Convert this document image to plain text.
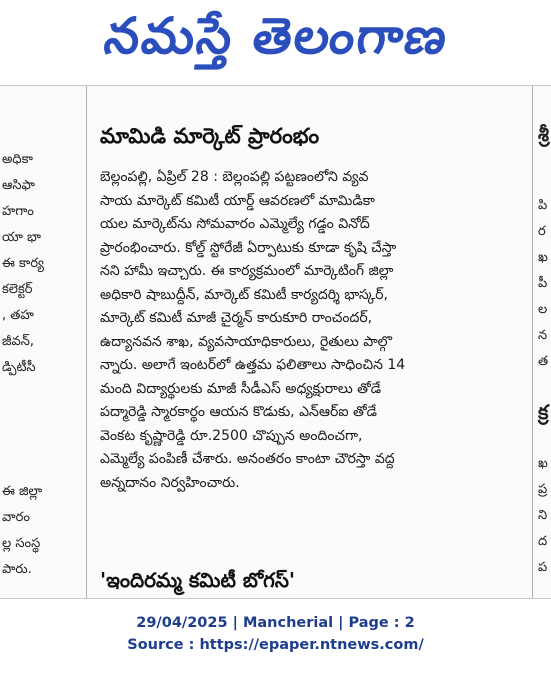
నమస్తే తెలంగాణ
అధికా
ఆసిఫా
హగాం
యా భా
ఈ కార్య
కలెక్టర్
, తహ
జీవన్,
డ్పిటీసీ
ఈ జిల్లా
వారం
ల్ల సంస్థ
పారు.
మామిడి మార్కెట్ ప్రారంభం
బెల్లంపల్లి, ఏప్రిల్ 28 : బెల్లంపల్లి పట్టణంలోని వ్యవ
సాయ మార్కెట్ కమిటీ యార్డ్ ఆవరణలో మామిడికా
యల మార్కెట్‌ను సోమవారం ఎమ్మెల్యే గడ్డం వినోద్
ప్రారంభించారు. కోల్డ్ స్టోరేజీ ఏర్పాటుకు కూడా కృషి చేస్తా
నని హామీ ఇచ్చారు. ఈ కార్యక్రమంలో మార్కెటింగ్ జిల్లా
అధికారి షాబుద్దీన్, మార్కెట్ కమిటీ కార్యదర్శి భాస్కర్,
మార్కెట్ కమిటీ మాజీ చైర్మన్ కారుకూరి రాంచందర్,
ఉద్యానవన శాఖ, వ్యవసాయాధికారులు, రైతులు పాల్గొ
న్నారు. అలాగే ఇంటర్‌లో ఉత్తమ ఫలితాలు సాధించిన 14
మంది విద్యార్థులకు మాజీ సీడీఎస్ అధ్యక్షురాలు తోడే
పద్మారెడ్డి స్మారకార్థం ఆయన కొడుకు, ఎన్‌ఆర్ఐ తోడే
వెంకట కృష్ణారెడ్డి రూ.2500 చొప్పున అందించగా,
ఎమ్మెల్యే పంపిణీ చేశారు. అనంతరం కాంటా చౌరస్తా వద్ద
అన్నదానం నిర్వహించారు.
'ఇందిరమ్మ కమిటీ బోగస్'
శ్రీ
పి
ర
ఖ
పీ
ల
న
త
క్ర
ఖ
ప్ర
ని
ద
ప
29/04/2025 | Mancherial | Page : 2
Source : https://epaper.ntnews.com/
